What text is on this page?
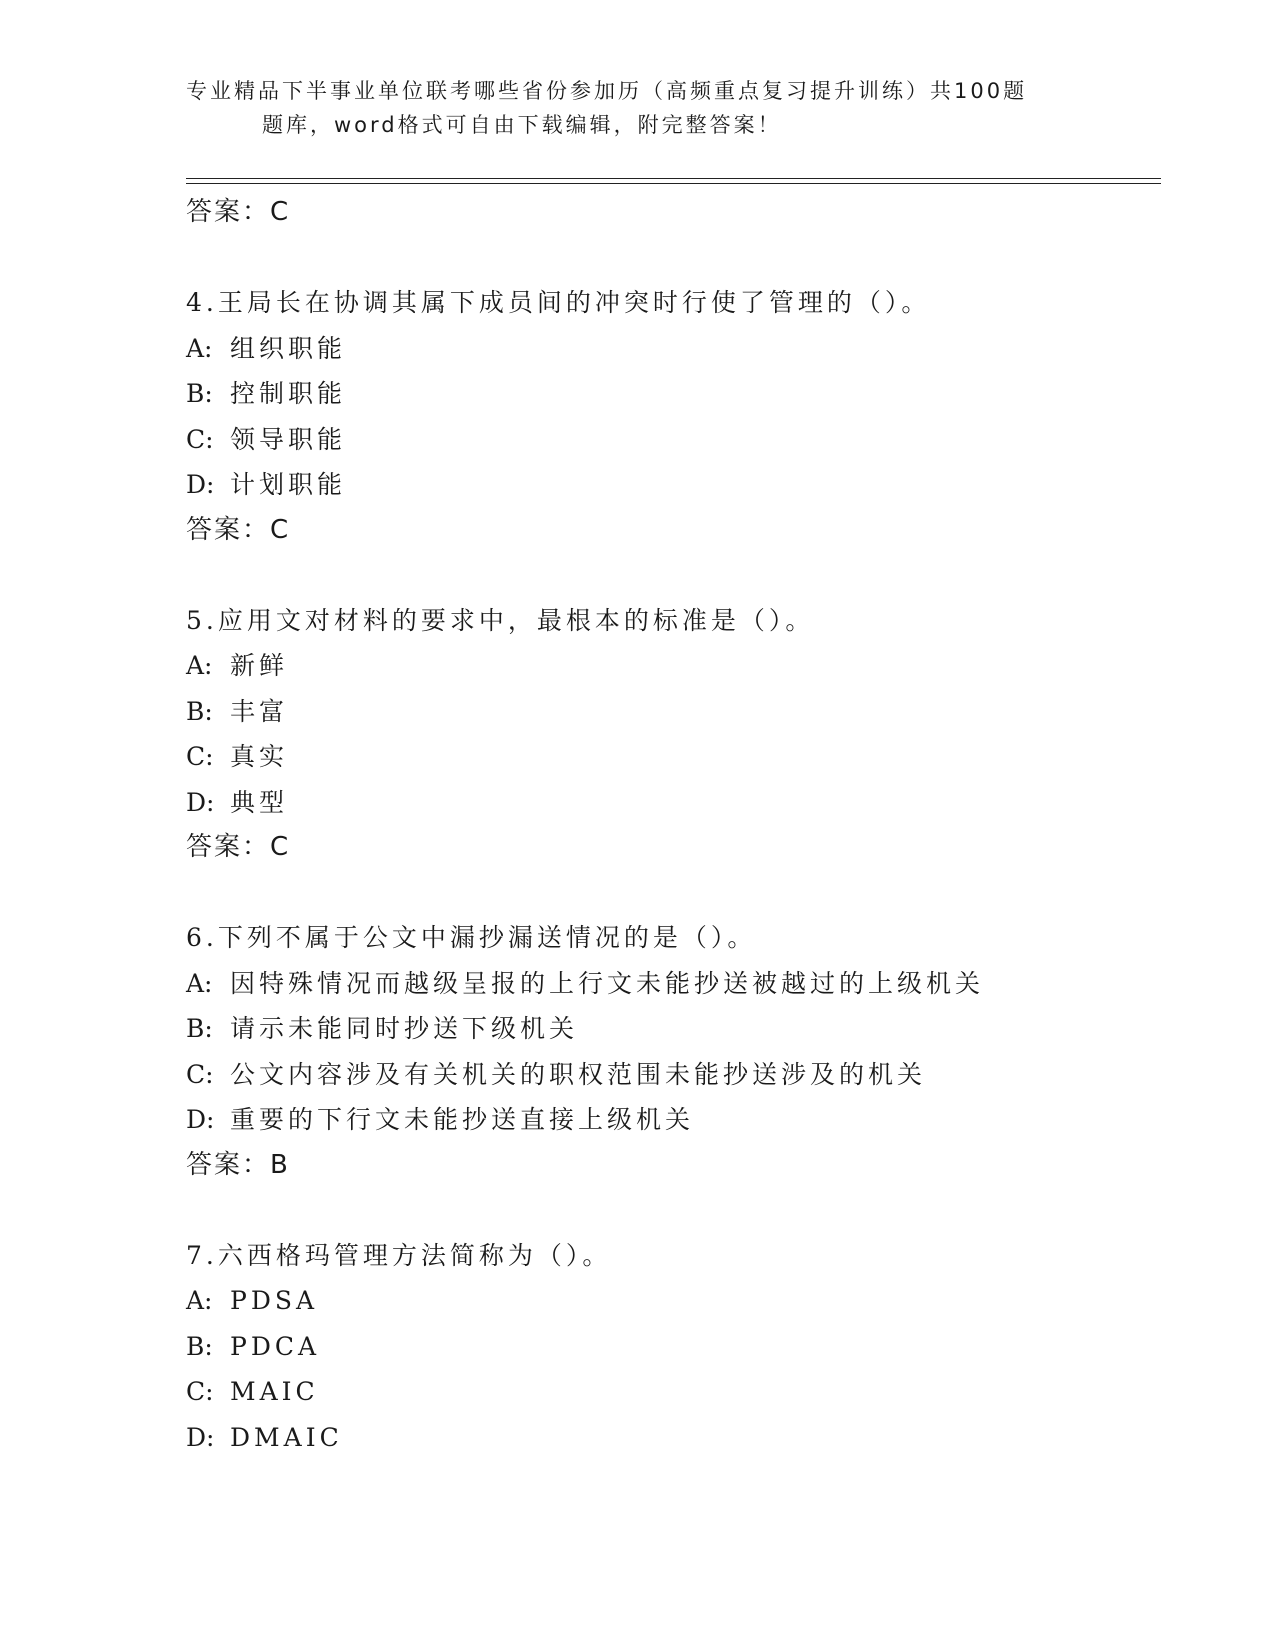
专业精品下半事业单位联考哪些省份参加历（高频重点复习提升训练）共100题
题库，word格式可自由下载编辑，附完整答案！
答案：C
4.王局长在协调其属下成员间的冲突时行使了管理的（）。
A: 组织职能
B: 控制职能
C: 领导职能
D: 计划职能
答案：C
5.应用文对材料的要求中，最根本的标准是（）。
A: 新鲜
B: 丰富
C: 真实
D: 典型
答案：C
6.下列不属于公文中漏抄漏送情况的是（）。
A: 因特殊情况而越级呈报的上行文未能抄送被越过的上级机关
B: 请示未能同时抄送下级机关
C: 公文内容涉及有关机关的职权范围未能抄送涉及的机关
D: 重要的下行文未能抄送直接上级机关
答案：B
7.六西格玛管理方法简称为（）。
A: PDSA
B: PDCA
C: MAIC
D: DMAIC
